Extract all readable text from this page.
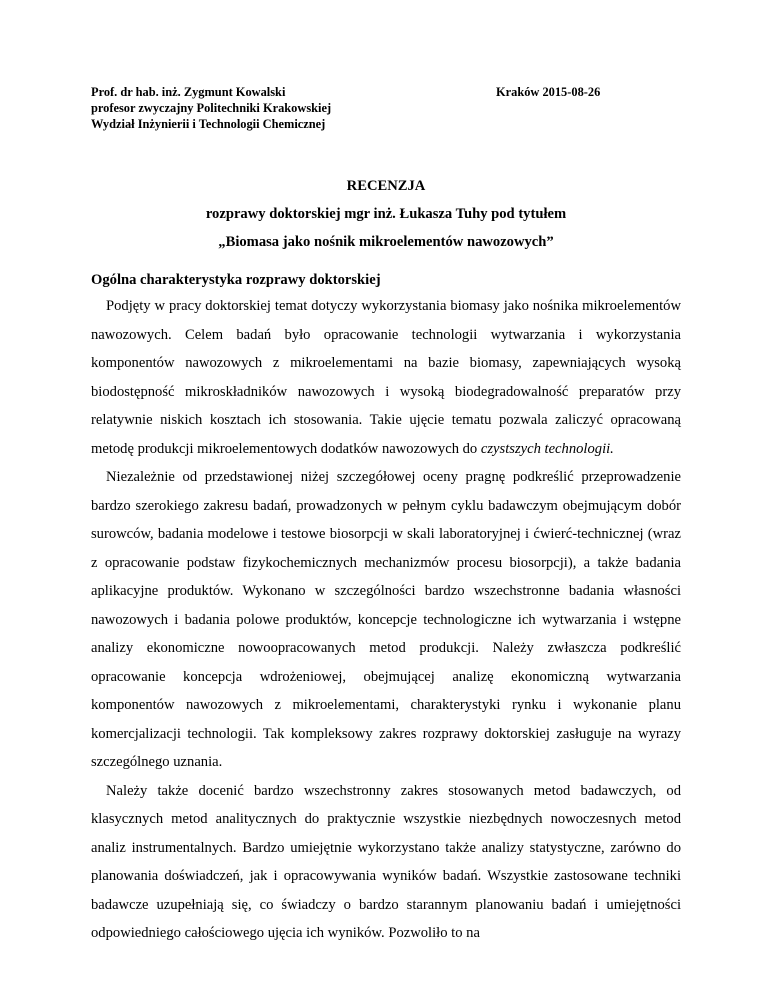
Prof. dr hab. inż. Zygmunt Kowalski
profesor zwyczajny Politechniki Krakowskiej
Wydział Inżynierii i Technologii Chemicznej
Kraków 2015-08-26
RECENZJA
rozprawy doktorskiej mgr inż. Łukasza Tuhy pod tytułem
„Biomasa jako nośnik mikroelementów nawozowych”
Ogólna charakterystyka rozprawy doktorskiej

Podjęty w pracy doktorskiej temat dotyczy wykorzystania biomasy jako nośnika mikroelementów nawozowych. Celem badań było opracowanie technologii wytwarzania i wykorzystania komponentów nawozowych z mikroelementami na bazie biomasy, zapewniających wysoką biodostępność mikroskładników nawozowych i wysoką biodegradowalność preparatów przy relatywnie niskich kosztach ich stosowania. Takie ujęcie tematu pozwala zaliczyć opracowaną metodę produkcji mikroelementowych dodatków nawozowych do czystszych technologii.

Niezależnie od przedstawionej niżej szczegółowej oceny pragnę podkreślić przeprowadzenie bardzo szerokiego zakresu badań, prowadzonych w pełnym cyklu badawczym obejmującym dobór surowców, badania modelowe i testowe biosorpcji w skali laboratoryjnej i ćwierć-technicznej (wraz z opracowanie podstaw fizykochemicznych mechanizmów procesu biosorpcji), a także badania aplikacyjne produktów. Wykonano w szczególności bardzo wszechstronne badania własności nawozowych i badania polowe produktów, koncepcje technologiczne ich wytwarzania i wstępne analizy ekonomiczne nowoopracowanych metod produkcji. Należy zwłaszcza podkreślić opracowanie koncepcja wdrożeniowej, obejmującej analizę ekonomiczną wytwarzania komponentów nawozowych z mikroelementami, charakterystyki rynku i wykonanie planu komercjalizacji technologii. Tak kompleksowy zakres rozprawy doktorskiej zasługuje na wyrazy szczególnego uznania.

Należy także docenić bardzo wszechstronny zakres stosowanych metod badawczych, od klasycznych metod analitycznych do praktycznie wszystkie niezbędnych nowoczesnych metod analiz instrumentalnych. Bardzo umiejętnie wykorzystano także analizy statystyczne, zarówno do planowania doświadczeń, jak i opracowywania wyników badań. Wszystkie zastosowane techniki badawcze uzupełniają się, co świadczy o bardzo starannym planowaniu badań i umiejętności odpowiedniego całościowego ujęcia ich wyników. Pozwoliło to na
